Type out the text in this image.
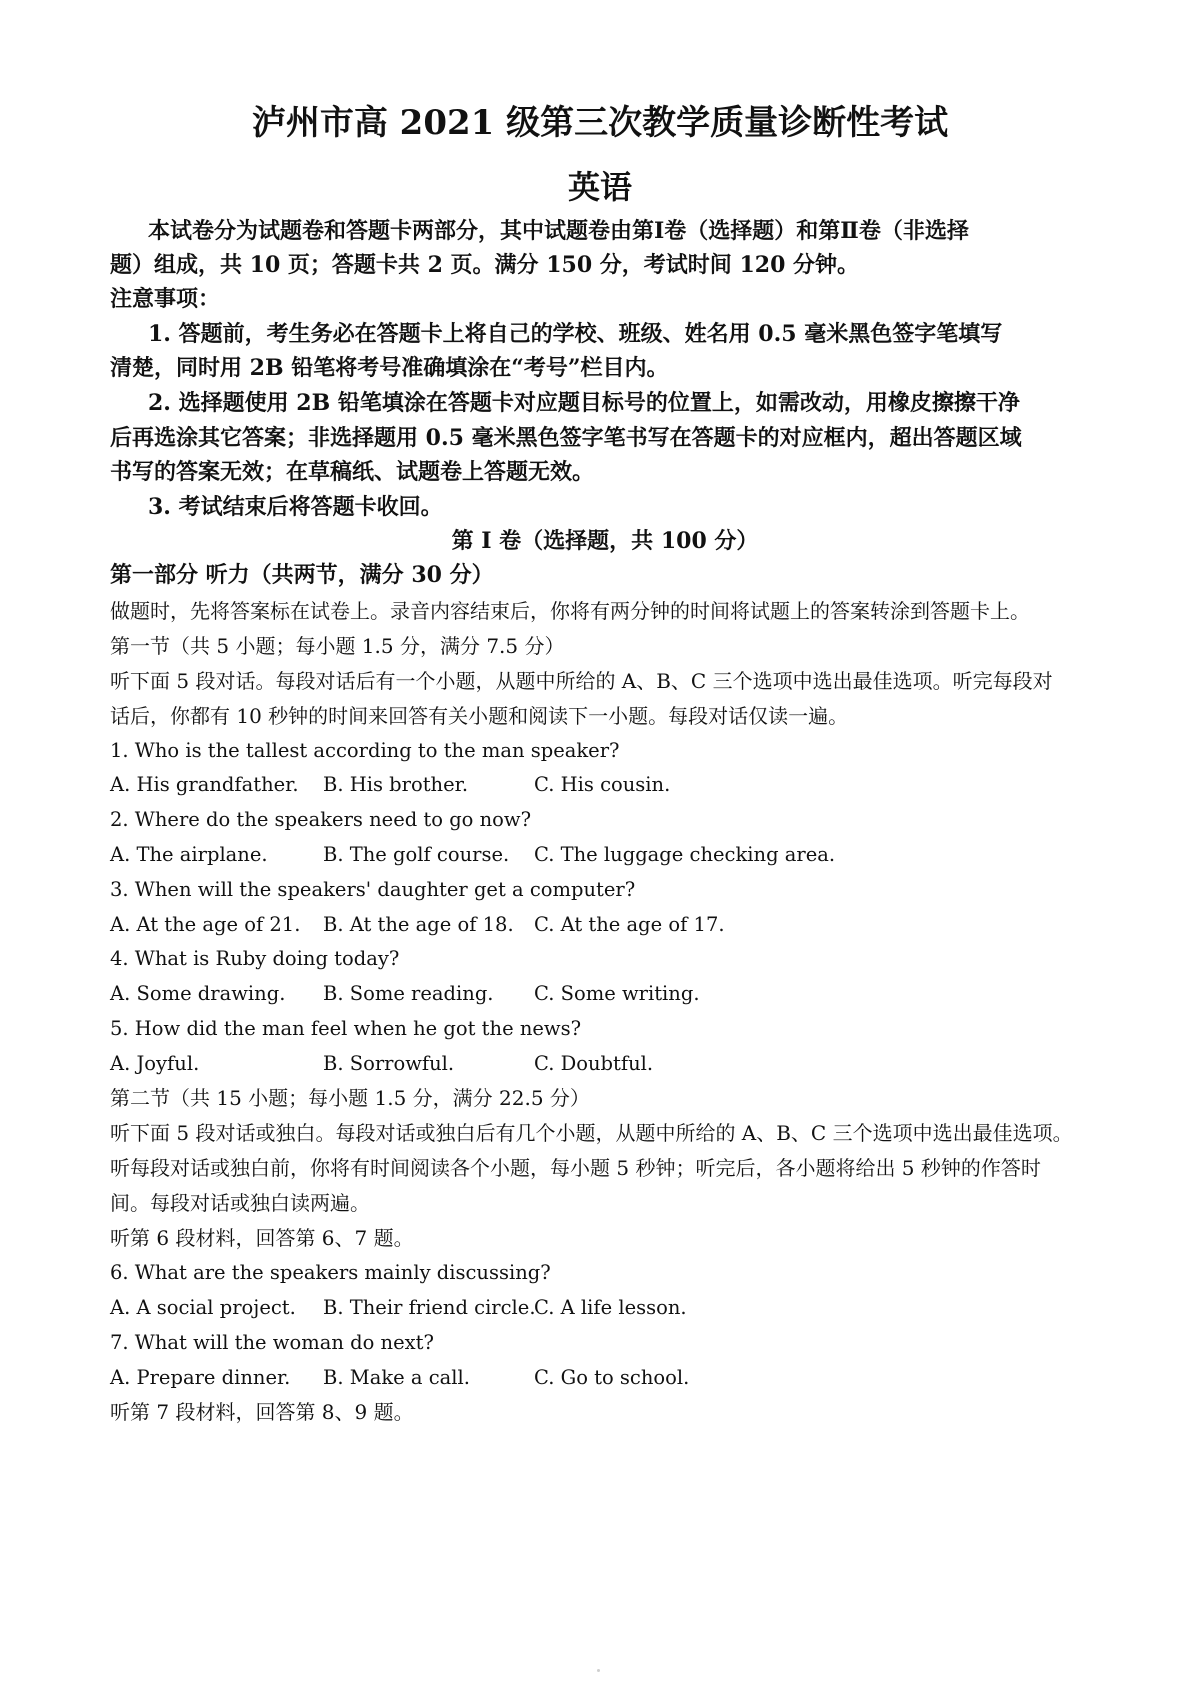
泸州市高 2021 级第三次教学质量诊断性考试
英语

本试卷分为试题卷和答题卡两部分，其中试题卷由第Ⅰ卷（选择题）和第Ⅱ卷（非选择

题）组成，共 10 页；答题卡共 2 页。满分 150 分，考试时间 120 分钟。

注意事项：

1. 答题前，考生务必在答题卡上将自己的学校、班级、姓名用 0.5 毫米黑色签字笔填写

清楚，同时用 2B 铅笔将考号准确填涂在“考号”栏目内。

2. 选择题使用 2B 铅笔填涂在答题卡对应题目标号的位置上，如需改动，用橡皮擦擦干净

后再选涂其它答案；非选择题用 0.5 毫米黑色签字笔书写在答题卡的对应框内，超出答题区域

书写的答案无效；在草稿纸、试题卷上答题无效。

3. 考试结束后将答题卡收回。

第 I 卷（选择题，共 100 分）

第一部分 听力（共两节，满分 30 分）

做题时，先将答案标在试卷上。录音内容结束后，你将有两分钟的时间将试题上的答案转涂到答题卡上。

第一节（共 5 小题；每小题 1.5 分，满分 7.5 分）

听下面 5 段对话。每段对话后有一个小题，从题中所给的 A、B、C 三个选项中选出最佳选项。听完每段对

话后，你都有 10 秒钟的时间来回答有关小题和阅读下一小题。每段对话仅读一遍。

1. Who is the tallest according to the man speaker?

A. His grandfather. B. His brother.	C. His cousin.

2. Where do the speakers need to go now?

A. The airplane.	B. The golf course. C. The luggage checking area.

3. When will the speakers' daughter get a computer?

A. At the age of 21. B. At the age of 18. C. At the age of 17.

4. What is Ruby doing today?

A. Some drawing. B. Some reading. C. Some writing.

5. How did the man feel when he got the news?

A. Joyful.	B. Sorrowful.	C. Doubtful.

第二节（共 15 小题；每小题 1.5 分，满分 22.5 分）

听下面 5 段对话或独白。每段对话或独白后有几个小题，从题中所给的 A、B、C 三个选项中选出最佳选项。

听每段对话或独白前，你将有时间阅读各个小题，每小题 5 秒钟；听完后，各小题将给出 5 秒钟的作答时

间。每段对话或独白读两遍。

听第 6 段材料，回答第 6、7 题。

6. What are the speakers mainly discussing?

A. A social project. B. Their friend circle.
C. A life lesson.

7. What will the woman do next?

A. Prepare dinner. B. Make a call.	C. Go to school.

听第 7 段材料，回答第 8、9 题。
